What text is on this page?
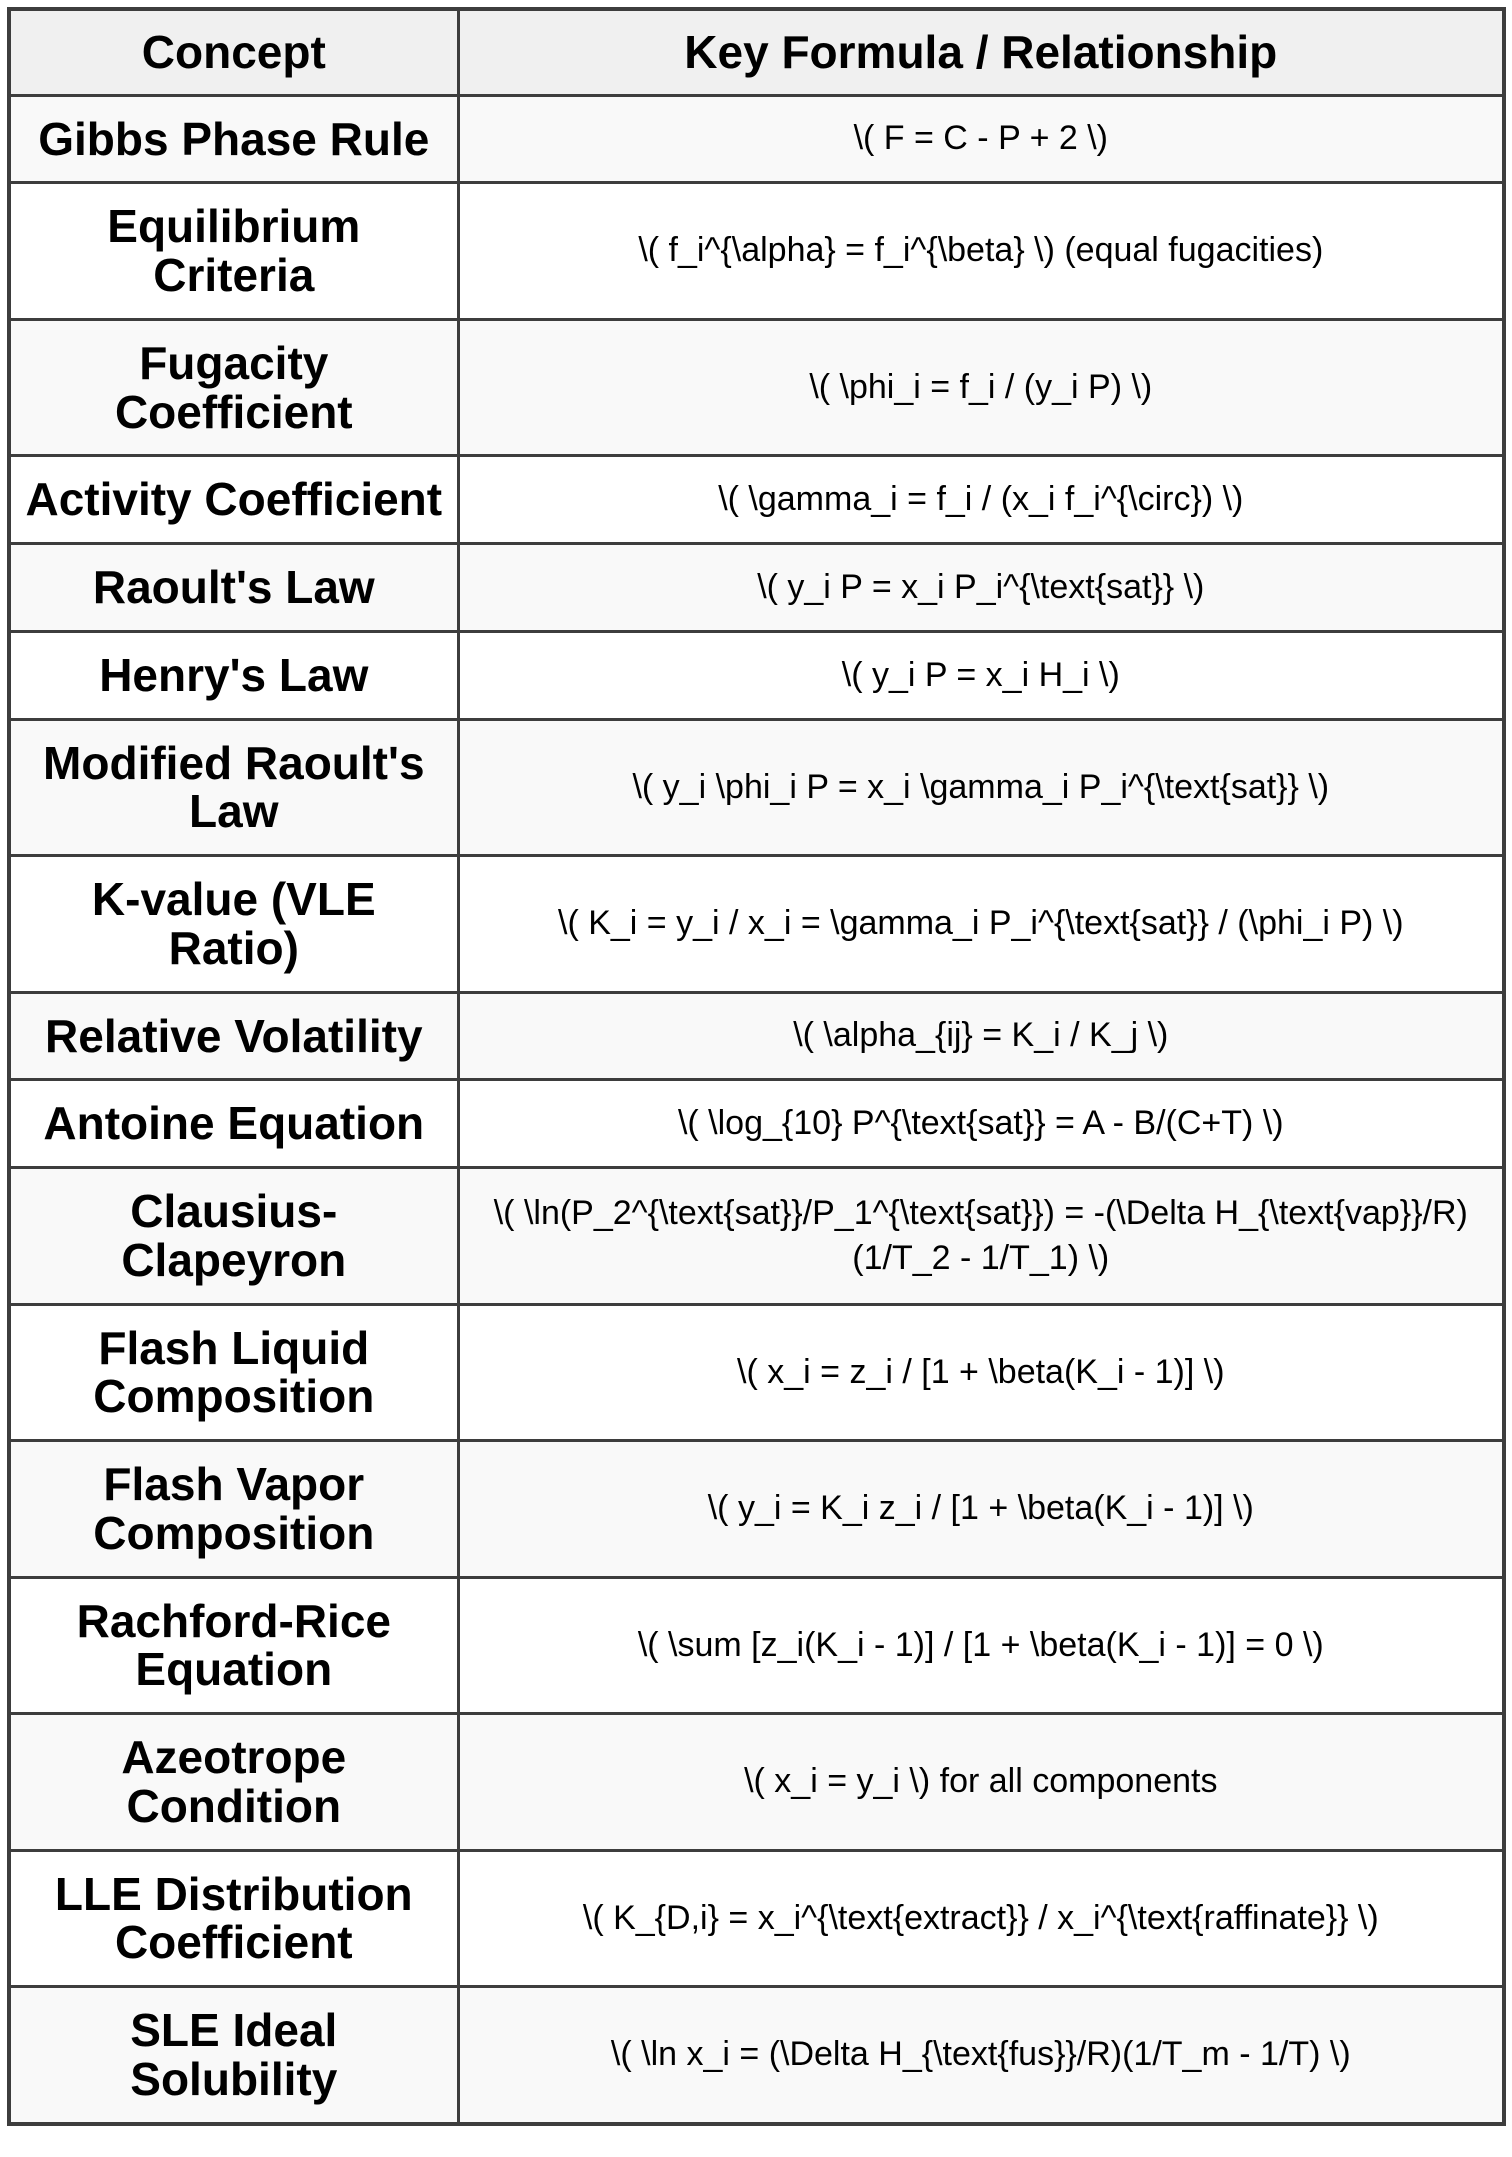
Concept	Key Formula / Relationship
Gibbs Phase Rule	\( F = C - P + 2 \)
Equilibrium Criteria	\( f_i^{\alpha} = f_i^{\beta} \) (equal fugacities)
Fugacity Coefficient	\( \phi_i = f_i / (y_i P) \)
Activity Coefficient	\( \gamma_i = f_i / (x_i f_i^{\circ}) \)
Raoult's Law	\( y_i P = x_i P_i^{\text{sat}} \)
Henry's Law	\( y_i P = x_i H_i \)
Modified Raoult's Law	\( y_i \phi_i P = x_i \gamma_i P_i^{\text{sat}} \)
K-value (VLE Ratio)	\( K_i = y_i / x_i = \gamma_i P_i^{\text{sat}} / (\phi_i P) \)
Relative Volatility	\( \alpha_{ij} = K_i / K_j \)
Antoine Equation	\( \log_{10} P^{\text{sat}} = A - B/(C+T) \)
Clausius-Clapeyron	\( \ln(P_2^{\text{sat}}/P_1^{\text{sat}}) = -(\Delta H_{\text{vap}}/R)(1/T_2 - 1/T_1) \)
Flash Liquid Composition	\( x_i = z_i / [1 + \beta(K_i - 1)] \)
Flash Vapor Composition	\( y_i = K_i z_i / [1 + \beta(K_i - 1)] \)
Rachford-Rice Equation	\( \sum [z_i(K_i - 1)] / [1 + \beta(K_i - 1)] = 0 \)
Azeotrope Condition	\( x_i = y_i \) for all components
LLE Distribution Coefficient	\( K_{D,i} = x_i^{\text{extract}} / x_i^{\text{raffinate}} \)
SLE Ideal Solubility	\( \ln x_i = (\Delta H_{\text{fus}}/R)(1/T_m - 1/T) \)
